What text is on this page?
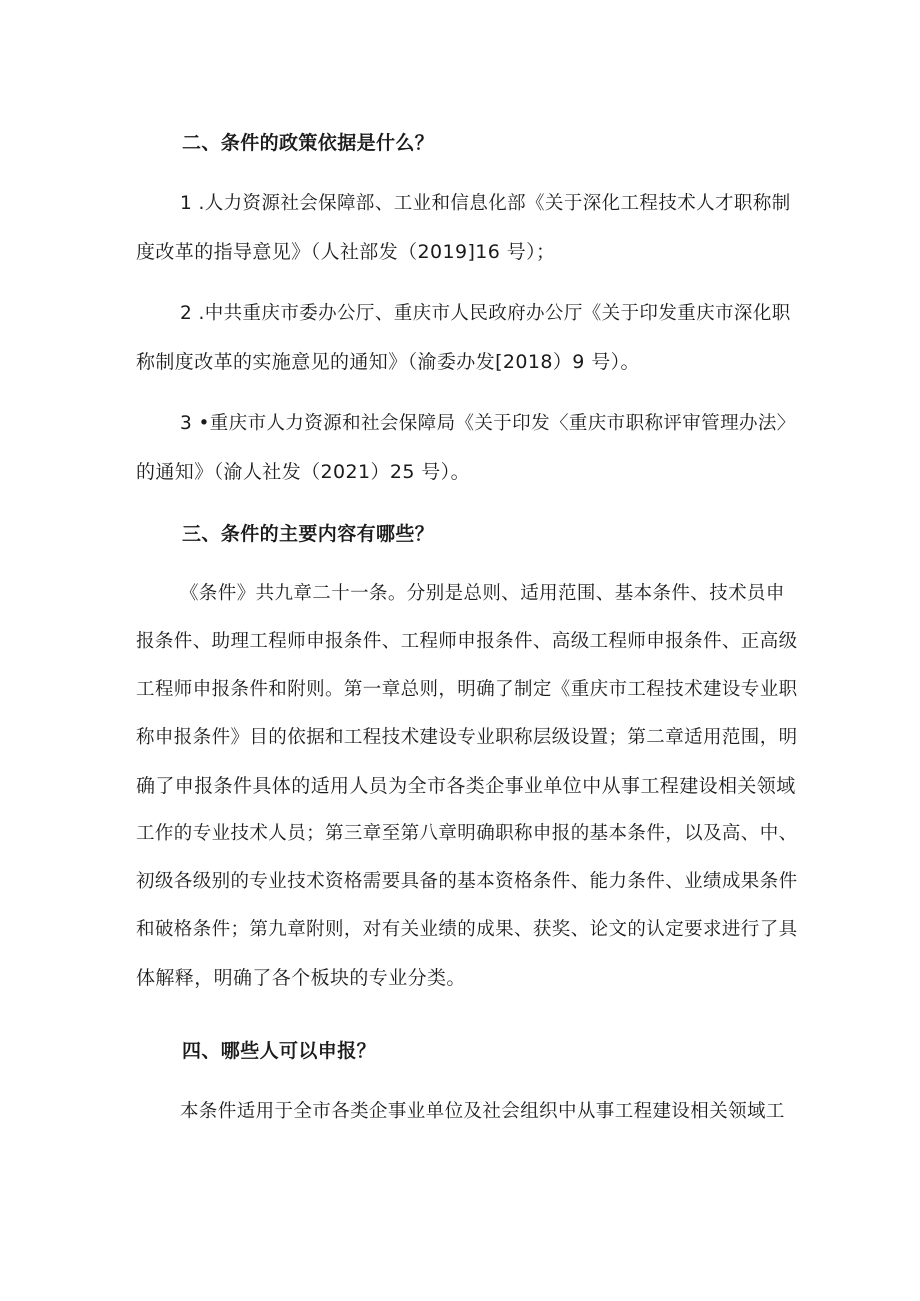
二、条件的政策依据是什么？
1 .人力资源社会保障部、工业和信息化部《关于深化工程技术人才职称制
度改革的指导意见》（人社部发（2019]16 号）；
2 .中共重庆市委办公厅、重庆市人民政府办公厅《关于印发重庆市深化职
称制度改革的实施意见的通知》（渝委办发[2018）9 号）。
3 •重庆市人力资源和社会保障局《关于印发〈重庆市职称评审管理办法〉
的通知》（渝人社发（2021）25 号）。
三、条件的主要内容有哪些？
《条件》共九章二十一条。分别是总则、适用范围、基本条件、技术员申
报条件、助理工程师申报条件、工程师申报条件、高级工程师申报条件、正高级
工程师申报条件和附则。第一章总则，明确了制定《重庆市工程技术建设专业职
称申报条件》目的依据和工程技术建设专业职称层级设置；第二章适用范围，明
确了申报条件具体的适用人员为全市各类企事业单位中从事工程建设相关领域
工作的专业技术人员；第三章至第八章明确职称申报的基本条件，以及高、中、
初级各级别的专业技术资格需要具备的基本资格条件、能力条件、业绩成果条件
和破格条件；第九章附则，对有关业绩的成果、获奖、论文的认定要求进行了具
体解释，明确了各个板块的专业分类。
四、哪些人可以申报？
本条件适用于全市各类企事业单位及社会组织中从事工程建设相关领域工
